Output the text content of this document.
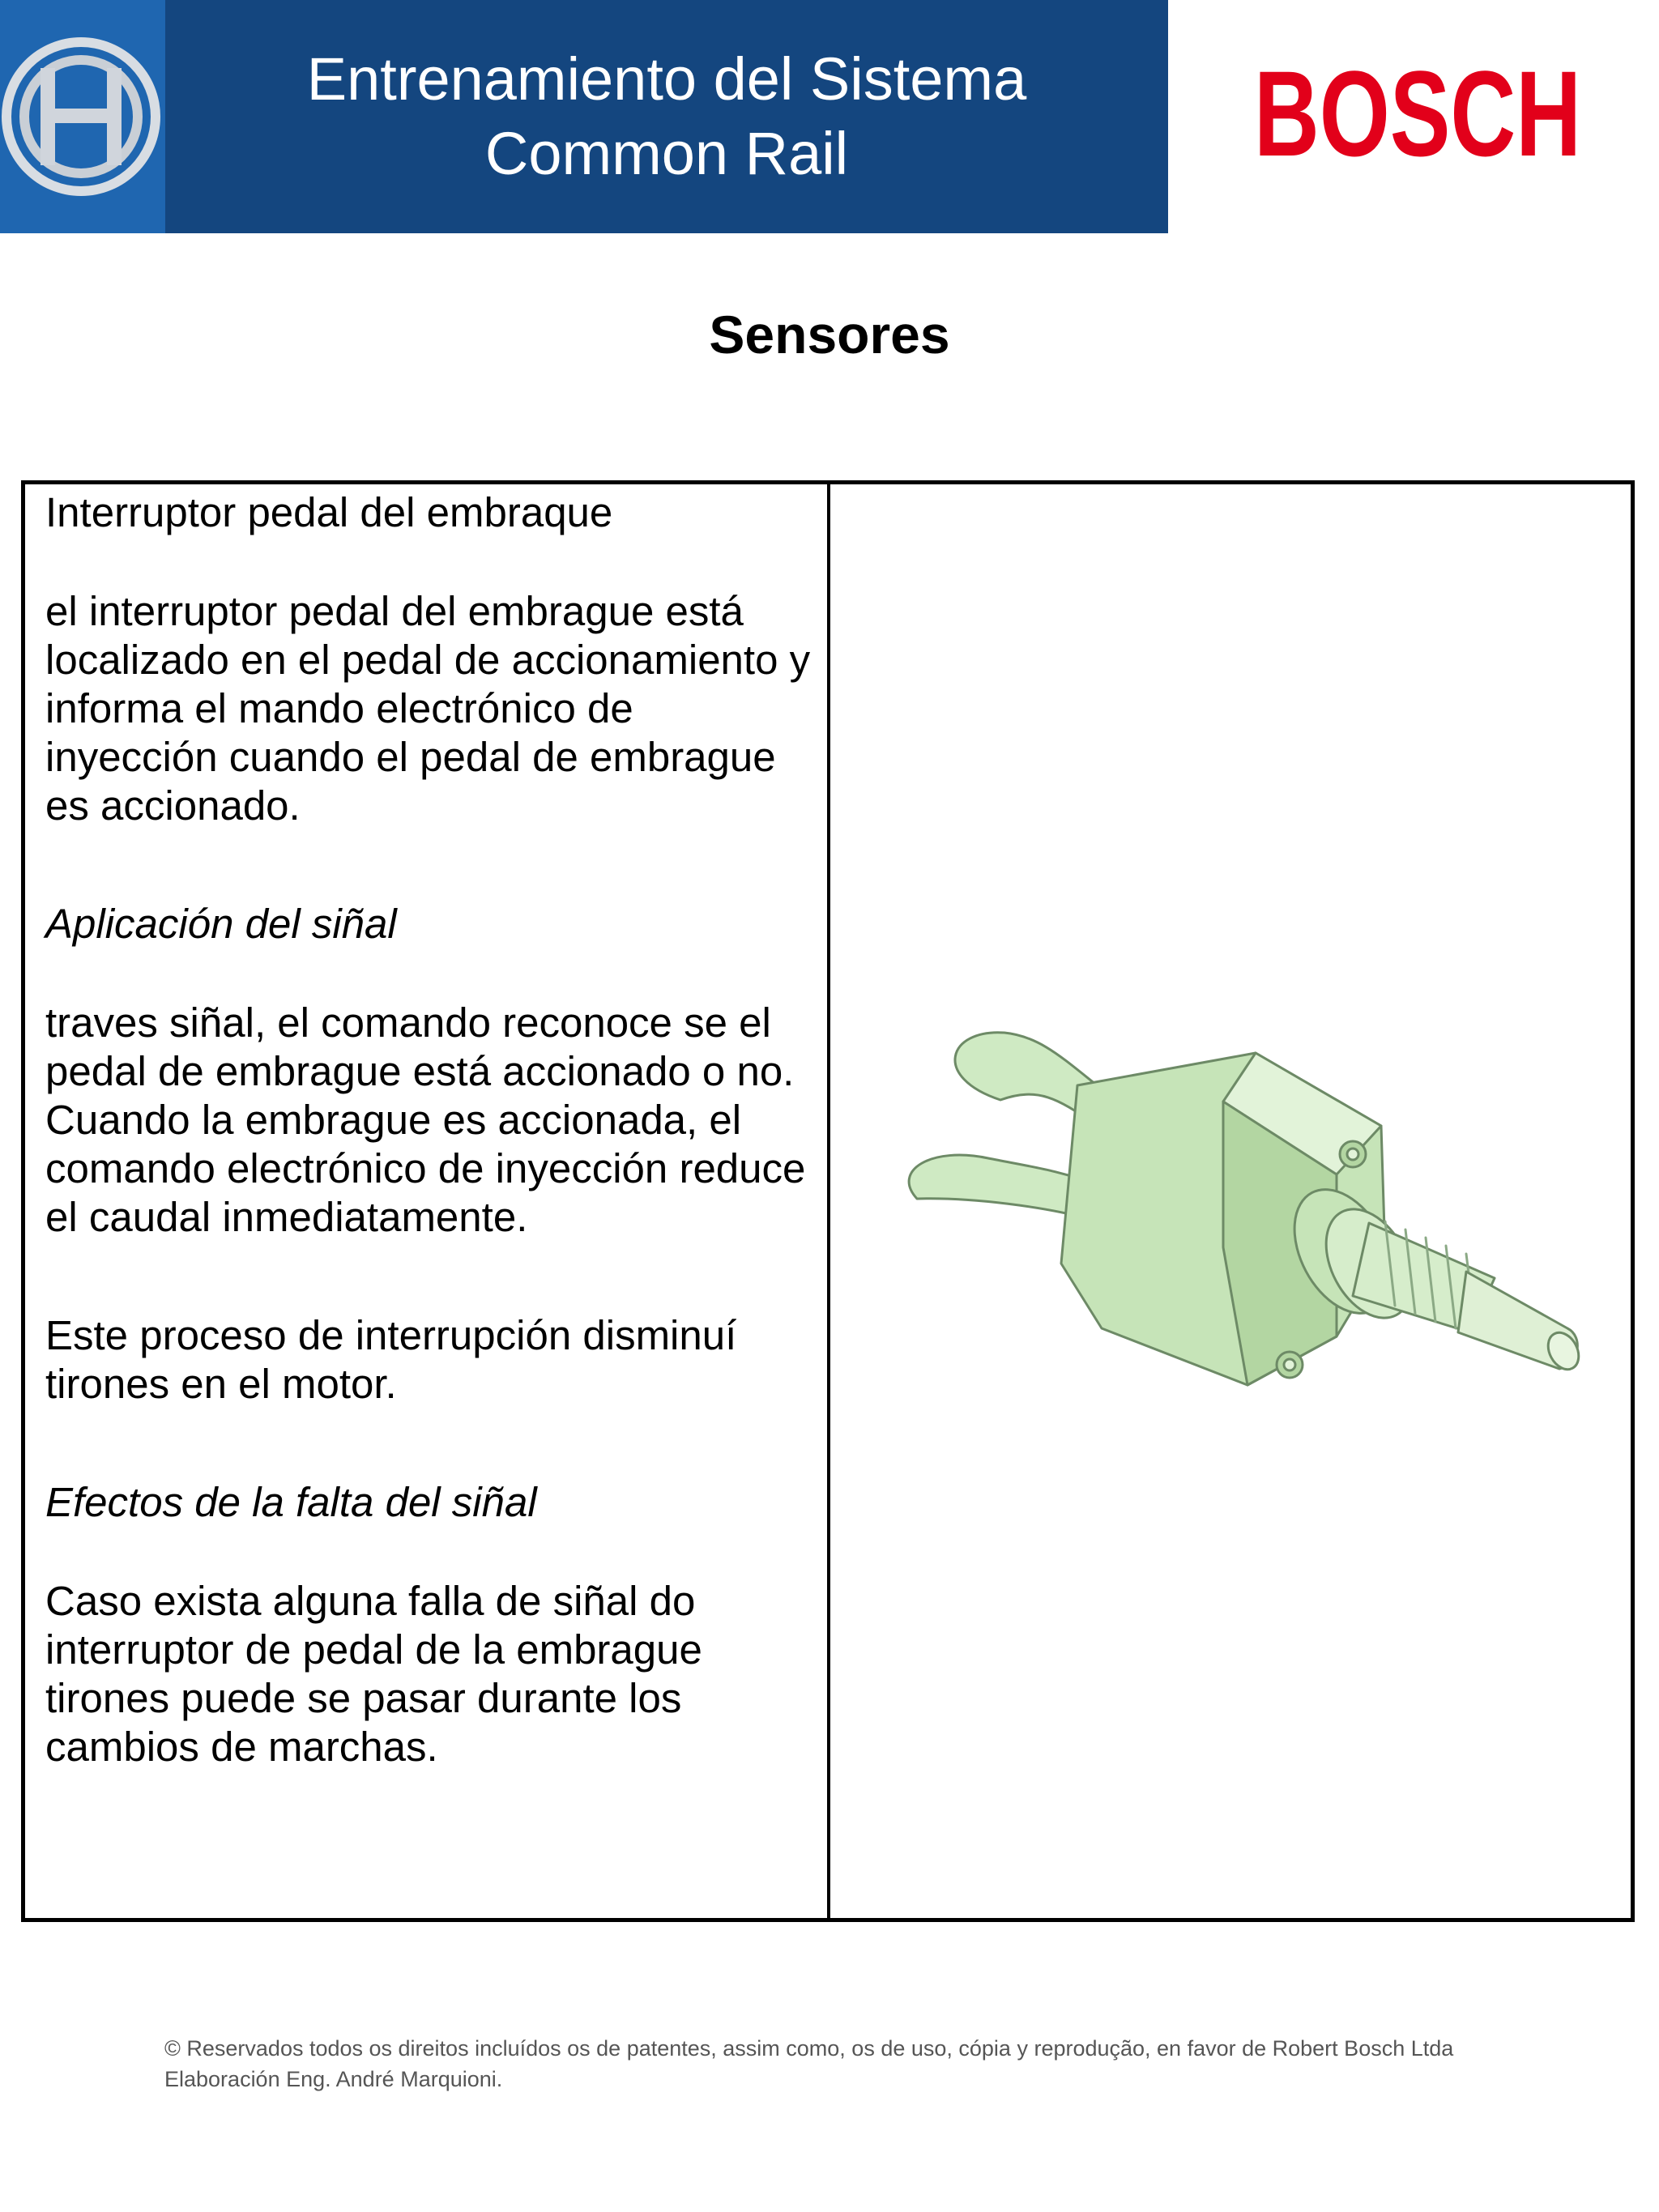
Entrenamiento del Sistema
Common Rail	BOSCH
Sensores

Interruptor pedal del embraque

el interruptor pedal del embrague está localizado en el pedal de accionamiento y informa el mando electrónico de inyección cuando el pedal de embrague es accionado.

Aplicación del siñal

traves siñal, el comando reconoce se el pedal de embrague está accionado o no. Cuando la embrague es accionada, el comando electrónico de inyección reduce el caudal inmediatamente.

Este proceso de interrupción disminuí tirones en el motor.

Efectos de la falta del siñal

Caso exista alguna falla de siñal do interruptor de pedal de la embrague tirones puede se pasar durante los cambios de marchas.

© Reservados todos os direitos incluídos os de patentes, assim como, os de uso, cópia y reprodução, en favor de Robert Bosch Ltda Elaboración Eng. André Marquioni.
